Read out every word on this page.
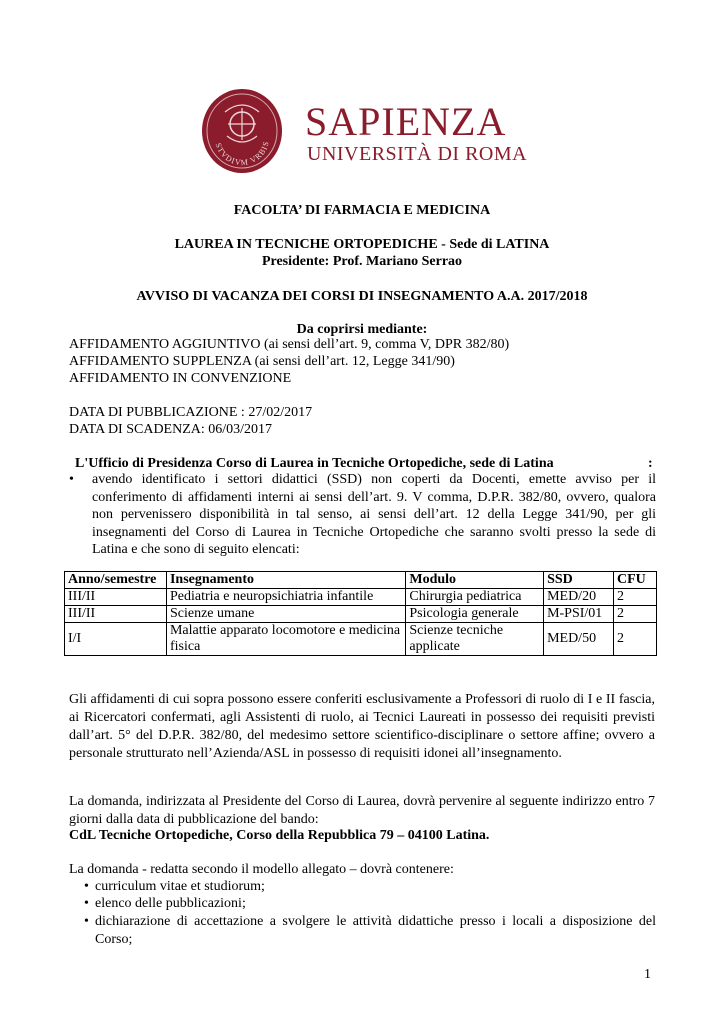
STVDIVM VRBIS SAPIENZA
UNIVERSITÀ DI ROMA
FACOLTA’ DI FARMACIA E MEDICINA
LAUREA IN TECNICHE ORTOPEDICHE - Sede di LATINA
Presidente: Prof. Mariano Serrao
AVVISO DI VACANZA DEI CORSI DI INSEGNAMENTO A.A. 2017/2018
Da coprirsi mediante:
AFFIDAMENTO AGGIUNTIVO (ai sensi dell’art. 9, comma V, DPR 382/80)
AFFIDAMENTO SUPPLENZA (ai sensi dell’art. 12, Legge 341/90)
AFFIDAMENTO IN CONVENZIONE
DATA DI PUBBLICAZIONE : 27/02/2017
DATA DI SCADENZA: 06/03/2017
L'Ufficio di Presidenza Corso di Laurea in Tecniche Ortopediche, sede di Latina	:
•	avendo identificato i settori didattici (SSD) non coperti da Docenti, emette avviso per il conferimento di affidamenti interni ai sensi dell’art. 9. V comma, D.P.R. 382/80, ovvero, qualora non pervenissero disponibilità in tal senso, ai sensi dell’art. 12 della Legge 341/90, per gli insegnamenti del Corso di Laurea in Tecniche Ortopediche che saranno svolti presso la sede di Latina e che sono di seguito elencati:
Anno/semestre	Insegnamento	Modulo	SSD	CFU
III/II	Pediatria e neuropsichiatria infantile	Chirurgia pediatrica	MED/20	2
III/II	Scienze umane	Psicologia generale	M-PSI/01	2
I/I	Malattie apparato locomotore e medicina fisica	Scienze tecniche applicate	MED/50	2
Gli affidamenti di cui sopra possono essere conferiti esclusivamente a Professori di ruolo di I e II fascia, ai Ricercatori confermati, agli Assistenti di ruolo, ai Tecnici Laureati in possesso dei requisiti previsti dall’art. 5° del D.P.R. 382/80, del medesimo settore scientifico-disciplinare o settore affine; ovvero a personale strutturato nell’Azienda/ASL in possesso di requisiti idonei all’insegnamento.
La domanda, indirizzata al Presidente del Corso di Laurea, dovrà pervenire al seguente indirizzo entro 7 giorni dalla data di pubblicazione del bando:
CdL Tecniche Ortopediche, Corso della Repubblica 79 – 04100 Latina.
La domanda - redatta secondo il modello allegato – dovrà contenere:
• curriculum vitae et studiorum;
• elenco delle pubblicazioni;
• dichiarazione di accettazione a svolgere le attività didattiche presso i locali a disposizione del Corso;
1
